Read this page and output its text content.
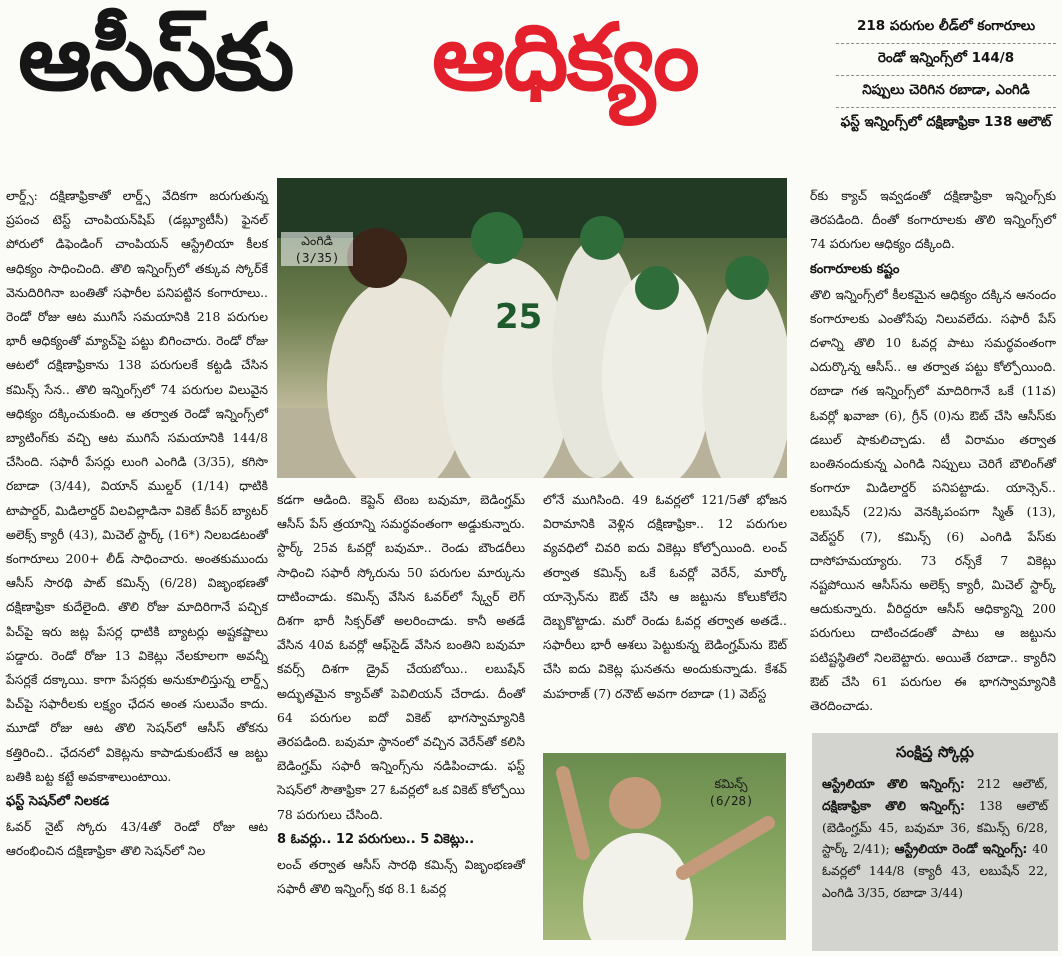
ఆసీస్‌కు ఆధిక్యం	218 పరుగుల లీడ్‌లో కంగారూలు
రెండో ఇన్నింగ్స్‌లో 144/8
నిప్పులు చెరిగిన రబాడా, ఎంగిడి
ఫస్ట్ ఇన్నింగ్స్‌లో దక్షిణాఫ్రికా 138 ఆలౌట్

లార్డ్స్‌: దక్షిణాఫ్రికాతో లార్డ్స్‌ వేదికగా జరుగుతున్న ప్రపంచ టెస్ట్‌ చాంపియన్‌షిప్‌ (డబ్ల్యూటీసీ) ఫైనల్‌ పోరులో డిఫెండింగ్‌ చాంపియన్‌ ఆస్ట్రేలియా కీలక ఆధిక్యం సాధించింది. తొలి ఇన్నింగ్స్‌లో తక్కువ స్కోర్‌కే వెనుదిరిగినా బంతితో సఫారీల పనిపట్టిన కంగారూలు.. రెండో రోజు ఆట ముగిసే సమయానికి 218 పరుగుల భారీ ఆధిక్యంతో మ్యాచ్‌పై పట్టు బిగించారు. రెండో రోజు ఆటలో దక్షిణాఫ్రికాను 138 పరుగులకే కట్టడి చేసిన కమిన్స్‌ సేన.. తొలి ఇన్నింగ్స్‌లో 74 పరుగుల విలువైన ఆధిక్యం దక్కించుకుంది. ఆ తర్వాత రెండో ఇన్నింగ్స్‌లో బ్యాటింగ్‌కు వచ్చి ఆట ముగిసే సమయానికి 144/8 చేసింది. సఫారీ పేసర్లు లుంగి ఎంగిడి (3/35), కగిసొ రబాడా (3/44), వియాన్‌ ముల్డర్‌ (1/14) ధాటికి టాపార్డర్‌, మిడిలార్డర్‌ విలవిల్లాడినా వికెట్‌ కీపర్‌ బ్యాటర్‌ అలెక్స్‌ క్యారీ (43), మిచెల్‌ స్టార్క్‌ (16*) నిలబడటంతో కంగారూలు 200+ లీడ్‌ సాధించారు. అంతకుముందు ఆసీస్‌ సారథి పాట్‌ కమిన్స్‌ (6/28) విజృంభణతో దక్షిణాఫ్రికా కుదేలైంది. తొలి రోజు మాదిరిగానే పచ్చిక పిచ్‌పై ఇరు జట్ల పేసర్ల ధాటికి బ్యాటర్లు అష్టకష్టాలు పడ్డారు. రెండో రోజు 13 వికెట్లు నేలకూలగా అవన్నీ పేసర్లకే దక్కాయి. కాగా పేసర్లకు అనుకూలిస్తున్న లార్డ్స్‌ పిచ్‌పై సఫారీలకు లక్ష్యం ఛేదన అంత సులువేం కాదు. మూడో రోజు ఆట తొలి సెషన్‌లో ఆసీస్‌ తోకను కత్తిరించి.. ఛేదనలో వికెట్లను కాపాడుకుంటేనే ఆ జట్టు బతికి బట్ట కట్టే అవకాశాలుంటాయి.

ఫస్ట్ సెషన్‌లో నిలకడ

ఓవర్‌ నైట్‌ స్కోరు 43/4తో రెండో రోజు ఆట ఆరంభించిన దక్షిణాఫ్రికా తొలి సెషన్‌లో నిల

25
ఎంగిడి
(3/35)

కడగా ఆడింది. కెప్టెన్‌ టెంబ బవుమా, బెడింగ్హమ్‌ ఆసీస్‌ పేస్‌ త్రయాన్ని సమర్థవంతంగా అడ్డుకున్నారు. స్టార్క్‌ 25వ ఓవర్లో బవుమా.. రెండు బౌండరీలు సాధించి సఫారీ స్కోరును 50 పరుగుల మార్కును దాటించాడు. కమిన్స్‌ వేసిన ఓవర్‌లో స్క్వేర్‌ లెగ్‌ దిశగా భారీ సిక్సర్‌తో అలరించాడు. కానీ అతడే వేసిన 40వ ఓవర్లో ఆఫ్‌సైడ్‌ వేసిన బంతిని బవుమా కవర్స్‌ దిశగా డ్రైవ్‌ చేయబోయి.. లబుషేన్‌ అద్భుతమైన క్యాచ్‌తో పెవిలియన్‌ చేరాడు. దీంతో 64 పరుగుల ఐదో వికెట్‌ భాగస్వామ్యానికి తెరపడింది. బవుమా స్థానంలో వచ్చిన వెరేన్‌తో కలిసి బెడింగ్హమ్‌ సఫారీ ఇన్నింగ్స్‌ను నడిపించాడు. ఫస్ట్ సెషన్‌లో సౌతాఫ్రికా 27 ఓవర్లలో ఒక వికెట్‌ కోల్పోయి 78 పరుగులు చేసింది.

8 ఓవర్లు.. 12 పరుగులు.. 5 వికెట్లు..

లంచ్‌ తర్వాత ఆసీస్‌ సారథి కమిన్స్‌ విజృంభణతో సఫారీ తొలి ఇన్నింగ్స్‌ కథ 8.1 ఓవర్ల

లోనే ముగిసింది. 49 ఓవర్లలో 121/5తో భోజన విరామానికి వెళ్లిన దక్షిణాఫ్రికా.. 12 పరుగుల వ్యవధిలో చివరి ఐదు వికెట్లు కోల్పోయింది. లంచ్‌ తర్వాత కమిన్స్‌ ఒకే ఓవర్లో వెరేన్‌, మార్కో యాన్సెన్‌ను ఔట్‌ చేసి ఆ జట్టును కోలుకోలేని దెబ్బకొట్టాడు. మరో రెండు ఓవర్ల తర్వాత అతడే.. సఫారీలు భారీ ఆశలు పెట్టుకున్న బెడింగ్హమ్‌ను ఔట్‌ చేసి ఐదు వికెట్ల ఘనతను అందుకున్నాడు. కేశవ్‌ మహరాజ్‌ (7) రనౌట్‌ అవగా రబాడా (1) వెబ్‌స్ట

కమిన్స్‌
(6/28)

ర్‌కు క్యాచ్‌ ఇవ్వడంతో దక్షిణాఫ్రికా ఇన్నింగ్స్‌కు తెరపడింది. దీంతో కంగారూలకు తొలి ఇన్నింగ్స్‌లో 74 పరుగుల ఆధిక్యం దక్కింది.

కంగారూలకు కష్టం

తొలి ఇన్నింగ్స్‌లో కీలకమైన ఆధిక్యం దక్కిన ఆనందం కంగారూలకు ఎంతోసేపు నిలువలేదు. సఫారీ పేస్‌ దళాన్ని తొలి 10 ఓవర్ల పాటు సమర్థవంతంగా ఎదుర్కొన్న ఆసీస్‌.. ఆ తర్వాత పట్టు కోల్పోయింది. రబాడా గత ఇన్నింగ్స్‌లో మాదిరిగానే ఒకే (11వ) ఓవర్లో ఖవాజా (6), గ్రీన్‌ (0)ను ఔట్‌ చేసి ఆసీస్‌కు డబుల్‌ షాకులిచ్చాడు. టీ విరామం తర్వాత బంతినందుకున్న ఎంగిడి నిప్పులు చెరిగే బౌలింగ్‌తో కంగారూ మిడిలార్డర్‌ పనిపట్టాడు. యాన్సెన్‌.. లబుషేన్‌ (22)ను వెనక్కిపంపగా స్మిత్‌ (13), వెబ్‌స్టర్‌ (7), కమిన్స్‌ (6) ఎంగిడి పేస్‌కు దాసోహమయ్యారు. 73 రన్స్‌కే 7 వికెట్లు నష్టపోయిన ఆసీస్‌ను అలెక్స్‌ క్యారీ, మిచెల్‌ స్టార్క్‌ ఆదుకున్నారు. వీరిద్దరూ ఆసీస్‌ ఆధిక్యాన్ని 200 పరుగులు దాటించడంతో పాటు ఆ జట్టును పటిష్టస్థితిలో నిలబెట్టారు. అయితే రబాడా.. క్యారీని ఔట్‌ చేసి 61 పరుగుల ఈ భాగస్వామ్యానికి తెరదించాడు.

సంక్షిప్త స్కోర్లు
ఆస్ట్రేలియా తొలి ఇన్నింగ్స్‌: 212 ఆలౌట్‌, దక్షిణాఫ్రికా తొలి ఇన్నింగ్స్‌: 138 ఆలౌట్‌ (బెడింగ్హమ్‌ 45, బవుమా 36, కమిన్స్‌ 6/28, స్టార్క్‌ 2/41); ఆస్ట్రేలియా రెండో ఇన్నింగ్స్‌: 40 ఓవర్లలో 144/8 (క్యారీ 43, లబుషేన్‌ 22, ఎంగిడి 3/35, రబాడా 3/44)
